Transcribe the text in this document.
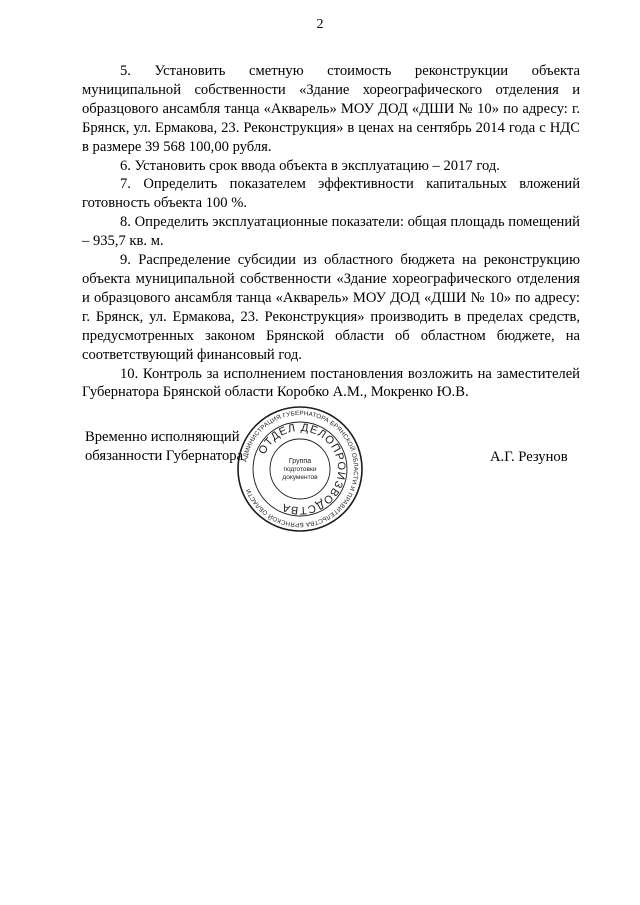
2

5. Установить сметную стоимость реконструкции объекта муниципальной собственности «Здание хореографического отделения и образцового ансамбля танца «Акварель» МОУ ДОД «ДШИ № 10» по адресу: г. Брянск, ул. Ермакова, 23. Реконструкция» в ценах на сентябрь 2014 года с НДС в размере 39 568 100,00 рубля.

6. Установить срок ввода объекта в эксплуатацию – 2017 год.

7. Определить показателем эффективности капитальных вложений готовность объекта 100 %.

8. Определить эксплуатационные показатели: общая площадь помещений – 935,7 кв. м.

9. Распределение субсидии из областного бюджета на реконструкцию объекта муниципальной собственности «Здание хореографического отделения и образцового ансамбля танца «Акварель» МОУ ДОД «ДШИ № 10» по адресу: г. Брянск, ул. Ермакова, 23. Реконструкция» производить в пределах средств, предусмотренных законом Брянской области об областном бюджете, на соответствующий финансовый год.

10. Контроль за исполнением постановления возложить на заместителей Губернатора Брянской области Коробко А.М., Мокренко Ю.В.

Временно исполняющий
обязанности Губернатора	А.Г. Резунов
АДМИНИСТРАЦИЯ ГУБЕРНАТОРА БРЯНСКОЙ ОБЛАСТИ И ПРАВИТЕЛЬСТВА БРЯНСКОЙ ОБЛАСТИ
ОТДЕЛ ДЕЛОПРОИЗВОДСТВА
Группа
подготовки
документов
